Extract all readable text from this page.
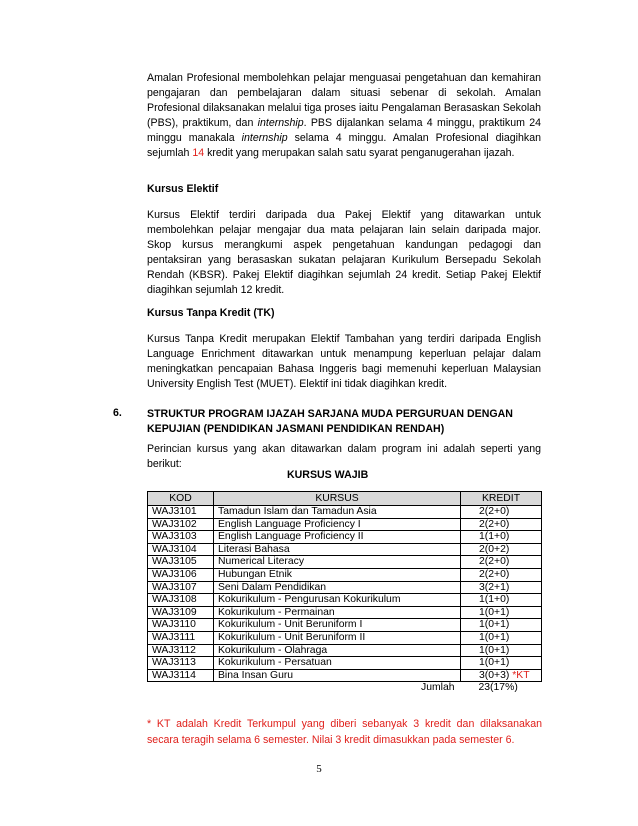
Amalan Profesional membolehkan pelajar menguasai pengetahuan dan kemahiran pengajaran dan pembelajaran dalam situasi sebenar di sekolah. Amalan Profesional dilaksanakan melalui tiga proses iaitu Pengalaman Berasaskan Sekolah (PBS), praktikum, dan internship. PBS dijalankan selama 4 minggu, praktikum 24 minggu manakala internship selama 4 minggu. Amalan Profesional diagihkan sejumlah 14 kredit yang merupakan salah satu syarat penganugerahan ijazah.
Kursus Elektif
Kursus Elektif terdiri daripada dua Pakej Elektif yang ditawarkan untuk membolehkan pelajar mengajar dua mata pelajaran lain selain daripada major. Skop kursus merangkumi aspek pengetahuan kandungan pedagogi dan pentaksiran yang berasaskan sukatan pelajaran Kurikulum Bersepadu Sekolah Rendah (KBSR). Pakej Elektif diagihkan sejumlah 24 kredit. Setiap Pakej Elektif diagihkan sejumlah 12 kredit.
Kursus Tanpa Kredit (TK)
Kursus Tanpa Kredit merupakan Elektif Tambahan yang terdiri daripada English Language Enrichment ditawarkan untuk menampung keperluan pelajar dalam meningkatkan pencapaian Bahasa Inggeris bagi memenuhi keperluan Malaysian University English Test (MUET). Elektif ini tidak diagihkan kredit.
6. STRUKTUR PROGRAM IJAZAH SARJANA MUDA PERGURUAN DENGAN KEPUJIAN (PENDIDIKAN JASMANI PENDIDIKAN RENDAH)
Perincian kursus yang akan ditawarkan dalam program ini adalah seperti yang berikut:
KURSUS WAJIB
KOD	KURSUS	KREDIT
WAJ3101	Tamadun Islam dan Tamadun Asia	2(2+0)
WAJ3102	English Language Proficiency I	2(2+0)
WAJ3103	English Language Proficiency II	1(1+0)
WAJ3104	Literasi Bahasa	2(0+2)
WAJ3105	Numerical Literacy	2(2+0)
WAJ3106	Hubungan Etnik	2(2+0)
WAJ3107	Seni Dalam Pendidikan	3(2+1)
WAJ3108	Kokurikulum - Pengurusan Kokurikulum	1(1+0)
WAJ3109	Kokurikulum - Permainan	1(0+1)
WAJ3110	Kokurikulum - Unit Beruniform I	1(0+1)
WAJ3111	Kokurikulum - Unit Beruniform II	1(0+1)
WAJ3112	Kokurikulum - Olahraga	1(0+1)
WAJ3113	Kokurikulum - Persatuan	1(0+1)
WAJ3114	Bina Insan Guru	3(0+3) *KT
	Jumlah	23(17%)
* KT adalah Kredit Terkumpul yang diberi sebanyak 3 kredit dan dilaksanakan secara teragih selama 6 semester. Nilai 3 kredit dimasukkan pada semester 6.
5
